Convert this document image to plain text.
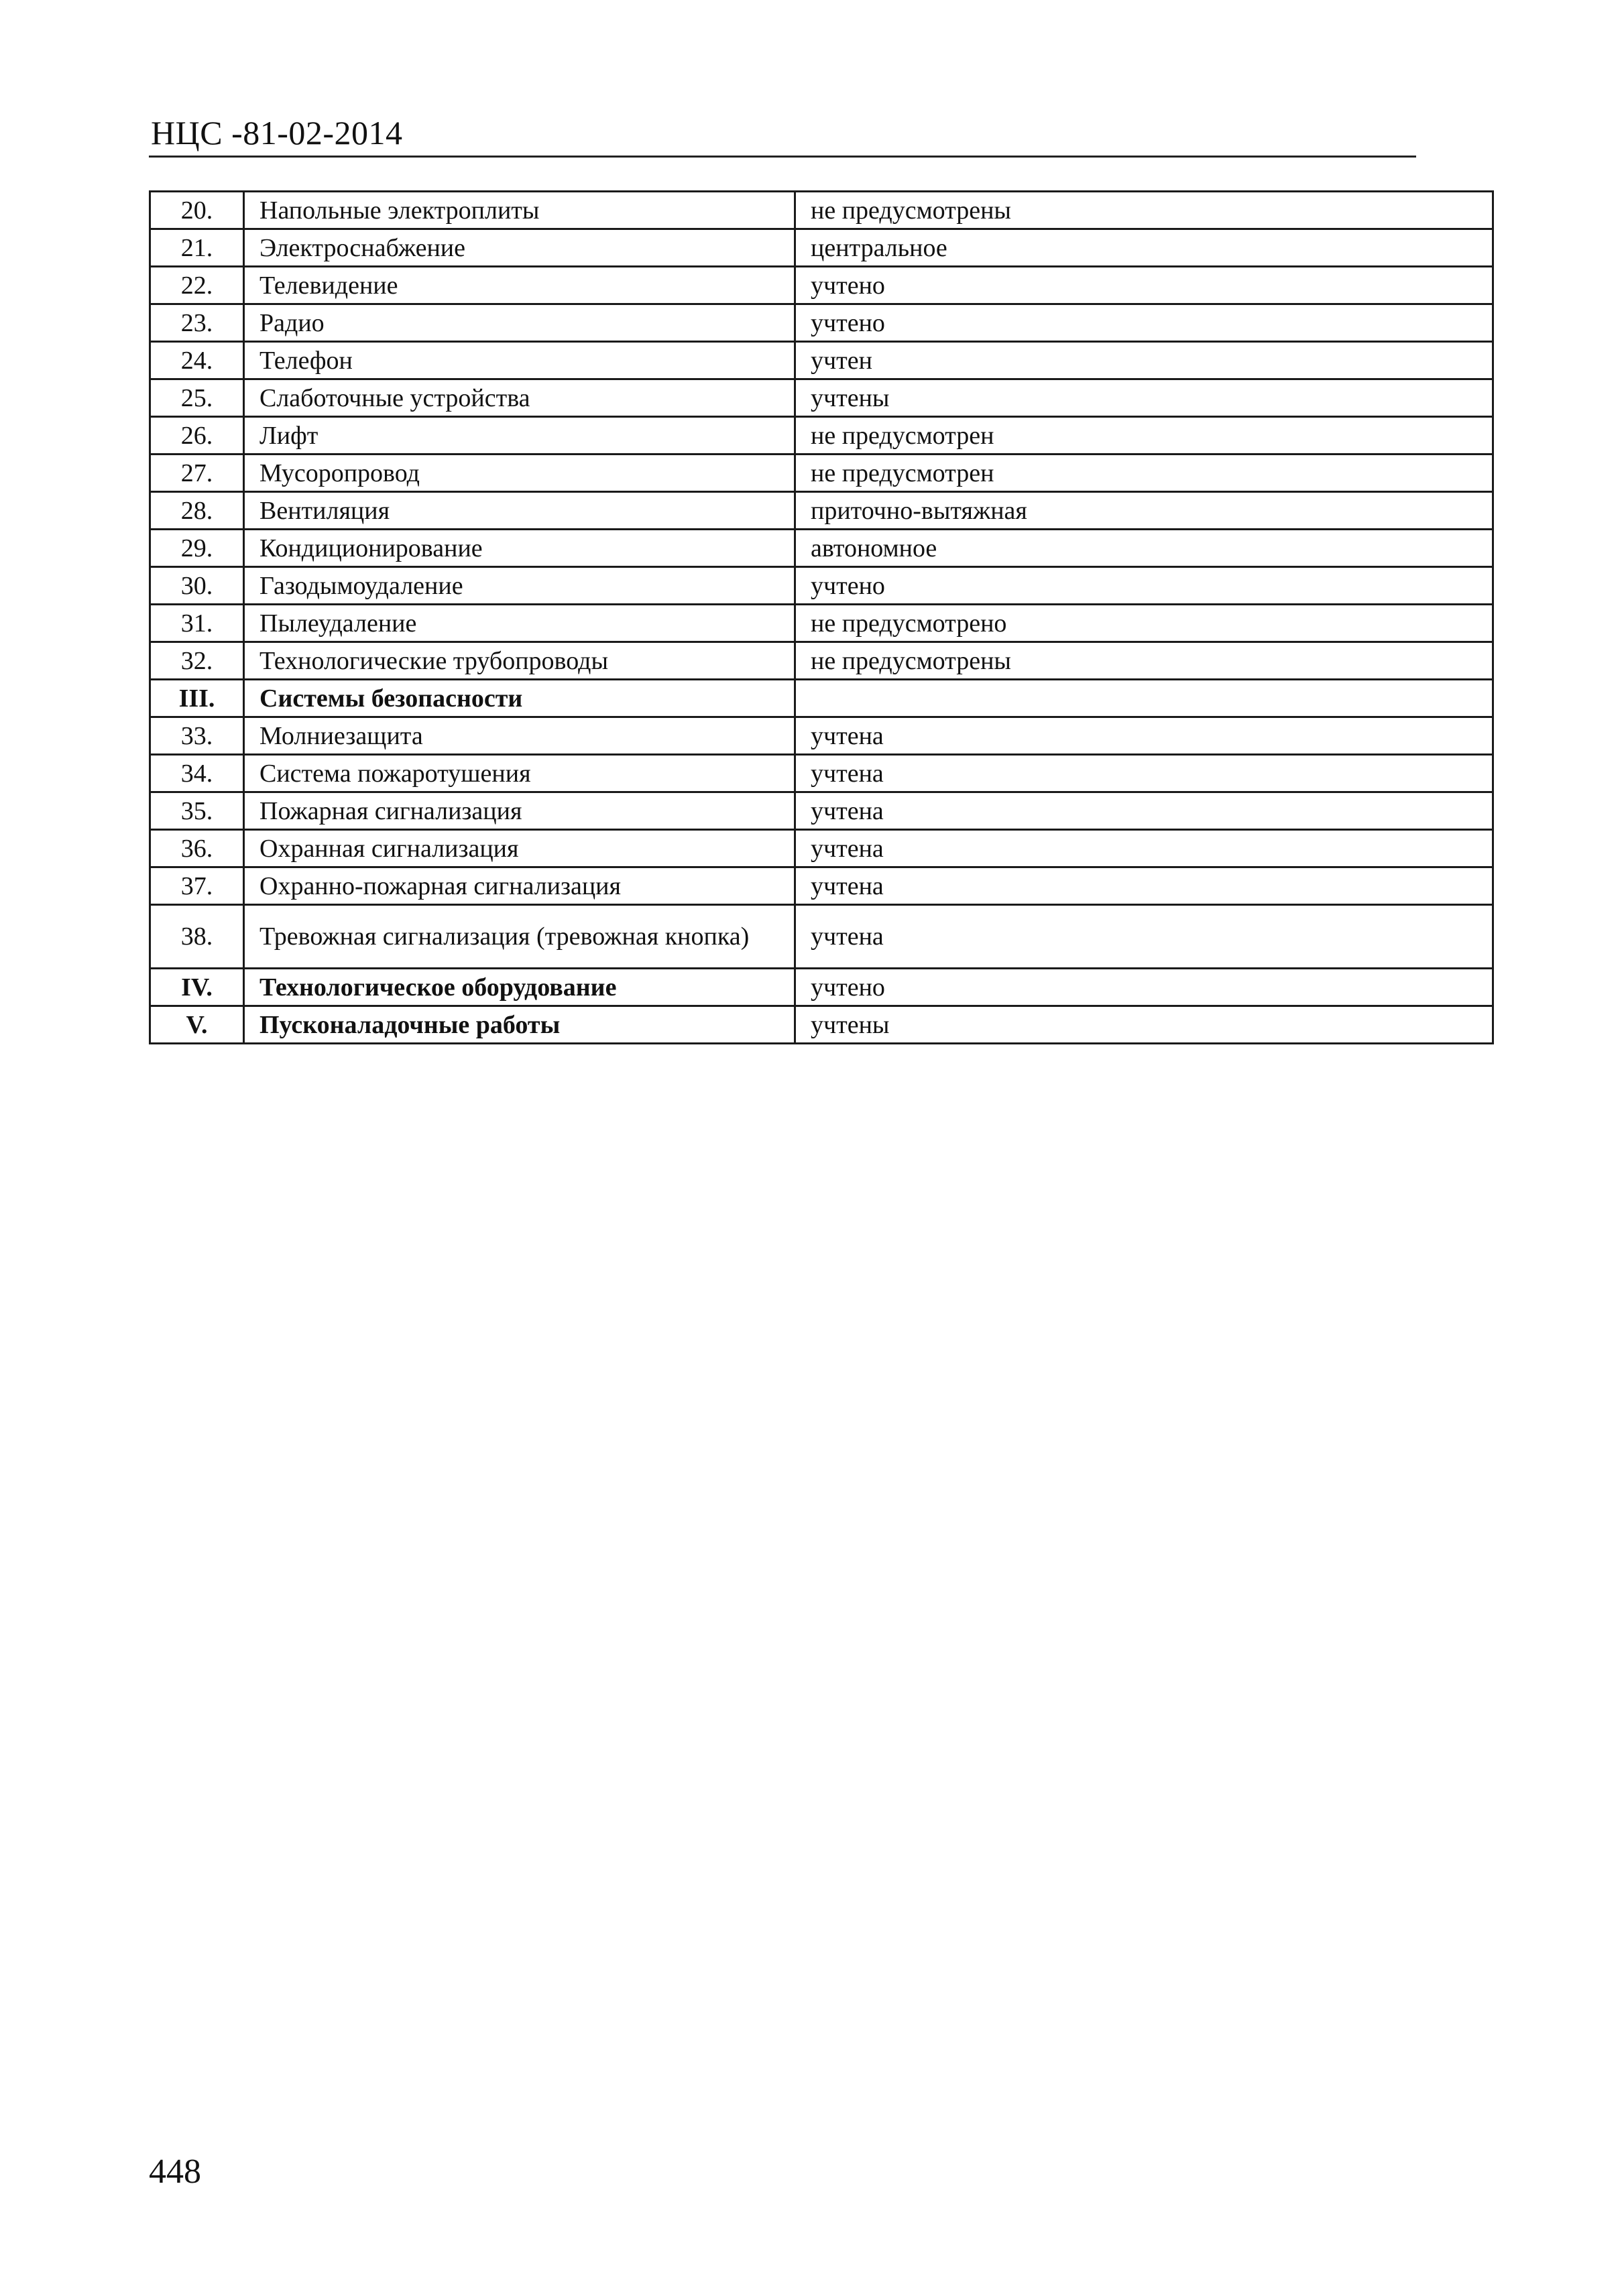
НЦС -81-02-2014
20.	Напольные электроплиты	не предусмотрены
21.	Электроснабжение	центральное
22.	Телевидение	учтено
23.	Радио	учтено
24.	Телефон	учтен
25.	Слаботочные устройства	учтены
26.	Лифт	не предусмотрен
27.	Мусоропровод	не предусмотрен
28.	Вентиляция	приточно-вытяжная
29.	Кондиционирование	автономное
30.	Газодымоудаление	учтено
31.	Пылеудаление	не предусмотрено
32.	Технологические трубопроводы	не предусмотрены
III.	Системы безопасности	
33.	Молниезащита	учтена
34.	Система пожаротушения	учтена
35.	Пожарная сигнализация	учтена
36.	Охранная сигнализация	учтена
37.	Охранно-пожарная сигнализация	учтена
38.	Тревожная сигнализация (тревожная кнопка)	учтена
IV.	Технологическое оборудование	учтено
V.	Пусконаладочные работы	учтены
448
